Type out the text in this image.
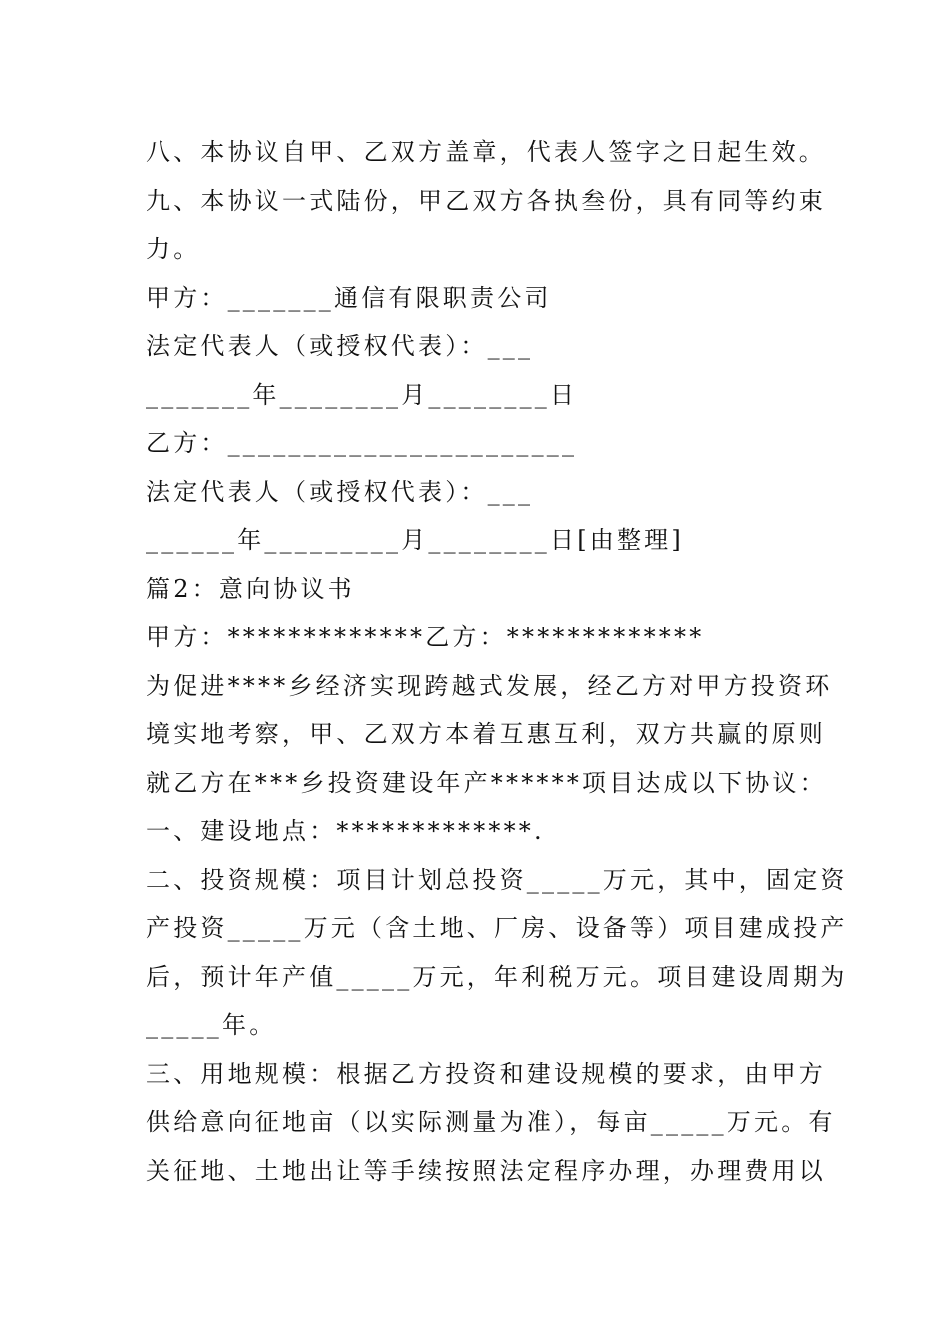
八、本协议自甲、乙双方盖章，代表人签字之日起生效。
九、本协议一式陆份，甲乙双方各执叁份，具有同等约束
力。
甲方：_______通信有限职责公司
法定代表人（或授权代表）：___
_______年________月________日
乙方：_______________________
法定代表人（或授权代表）：___
______年_________月________日[由整理]
篇2：意向协议书
甲方：*************乙方：*************
为促进****乡经济实现跨越式发展，经乙方对甲方投资环
境实地考察，甲、乙双方本着互惠互利，双方共赢的原则
就乙方在***乡投资建设年产******项目达成以下协议：
一、建设地点：*************.
二、投资规模：项目计划总投资_____万元，其中，固定资
产投资_____万元（含土地、厂房、设备等）项目建成投产
后，预计年产值_____万元，年利税万元。项目建设周期为
_____年。
三、用地规模：根据乙方投资和建设规模的要求，由甲方
供给意向征地亩（以实际测量为准），每亩_____万元。有
关征地、土地出让等手续按照法定程序办理，办理费用以
